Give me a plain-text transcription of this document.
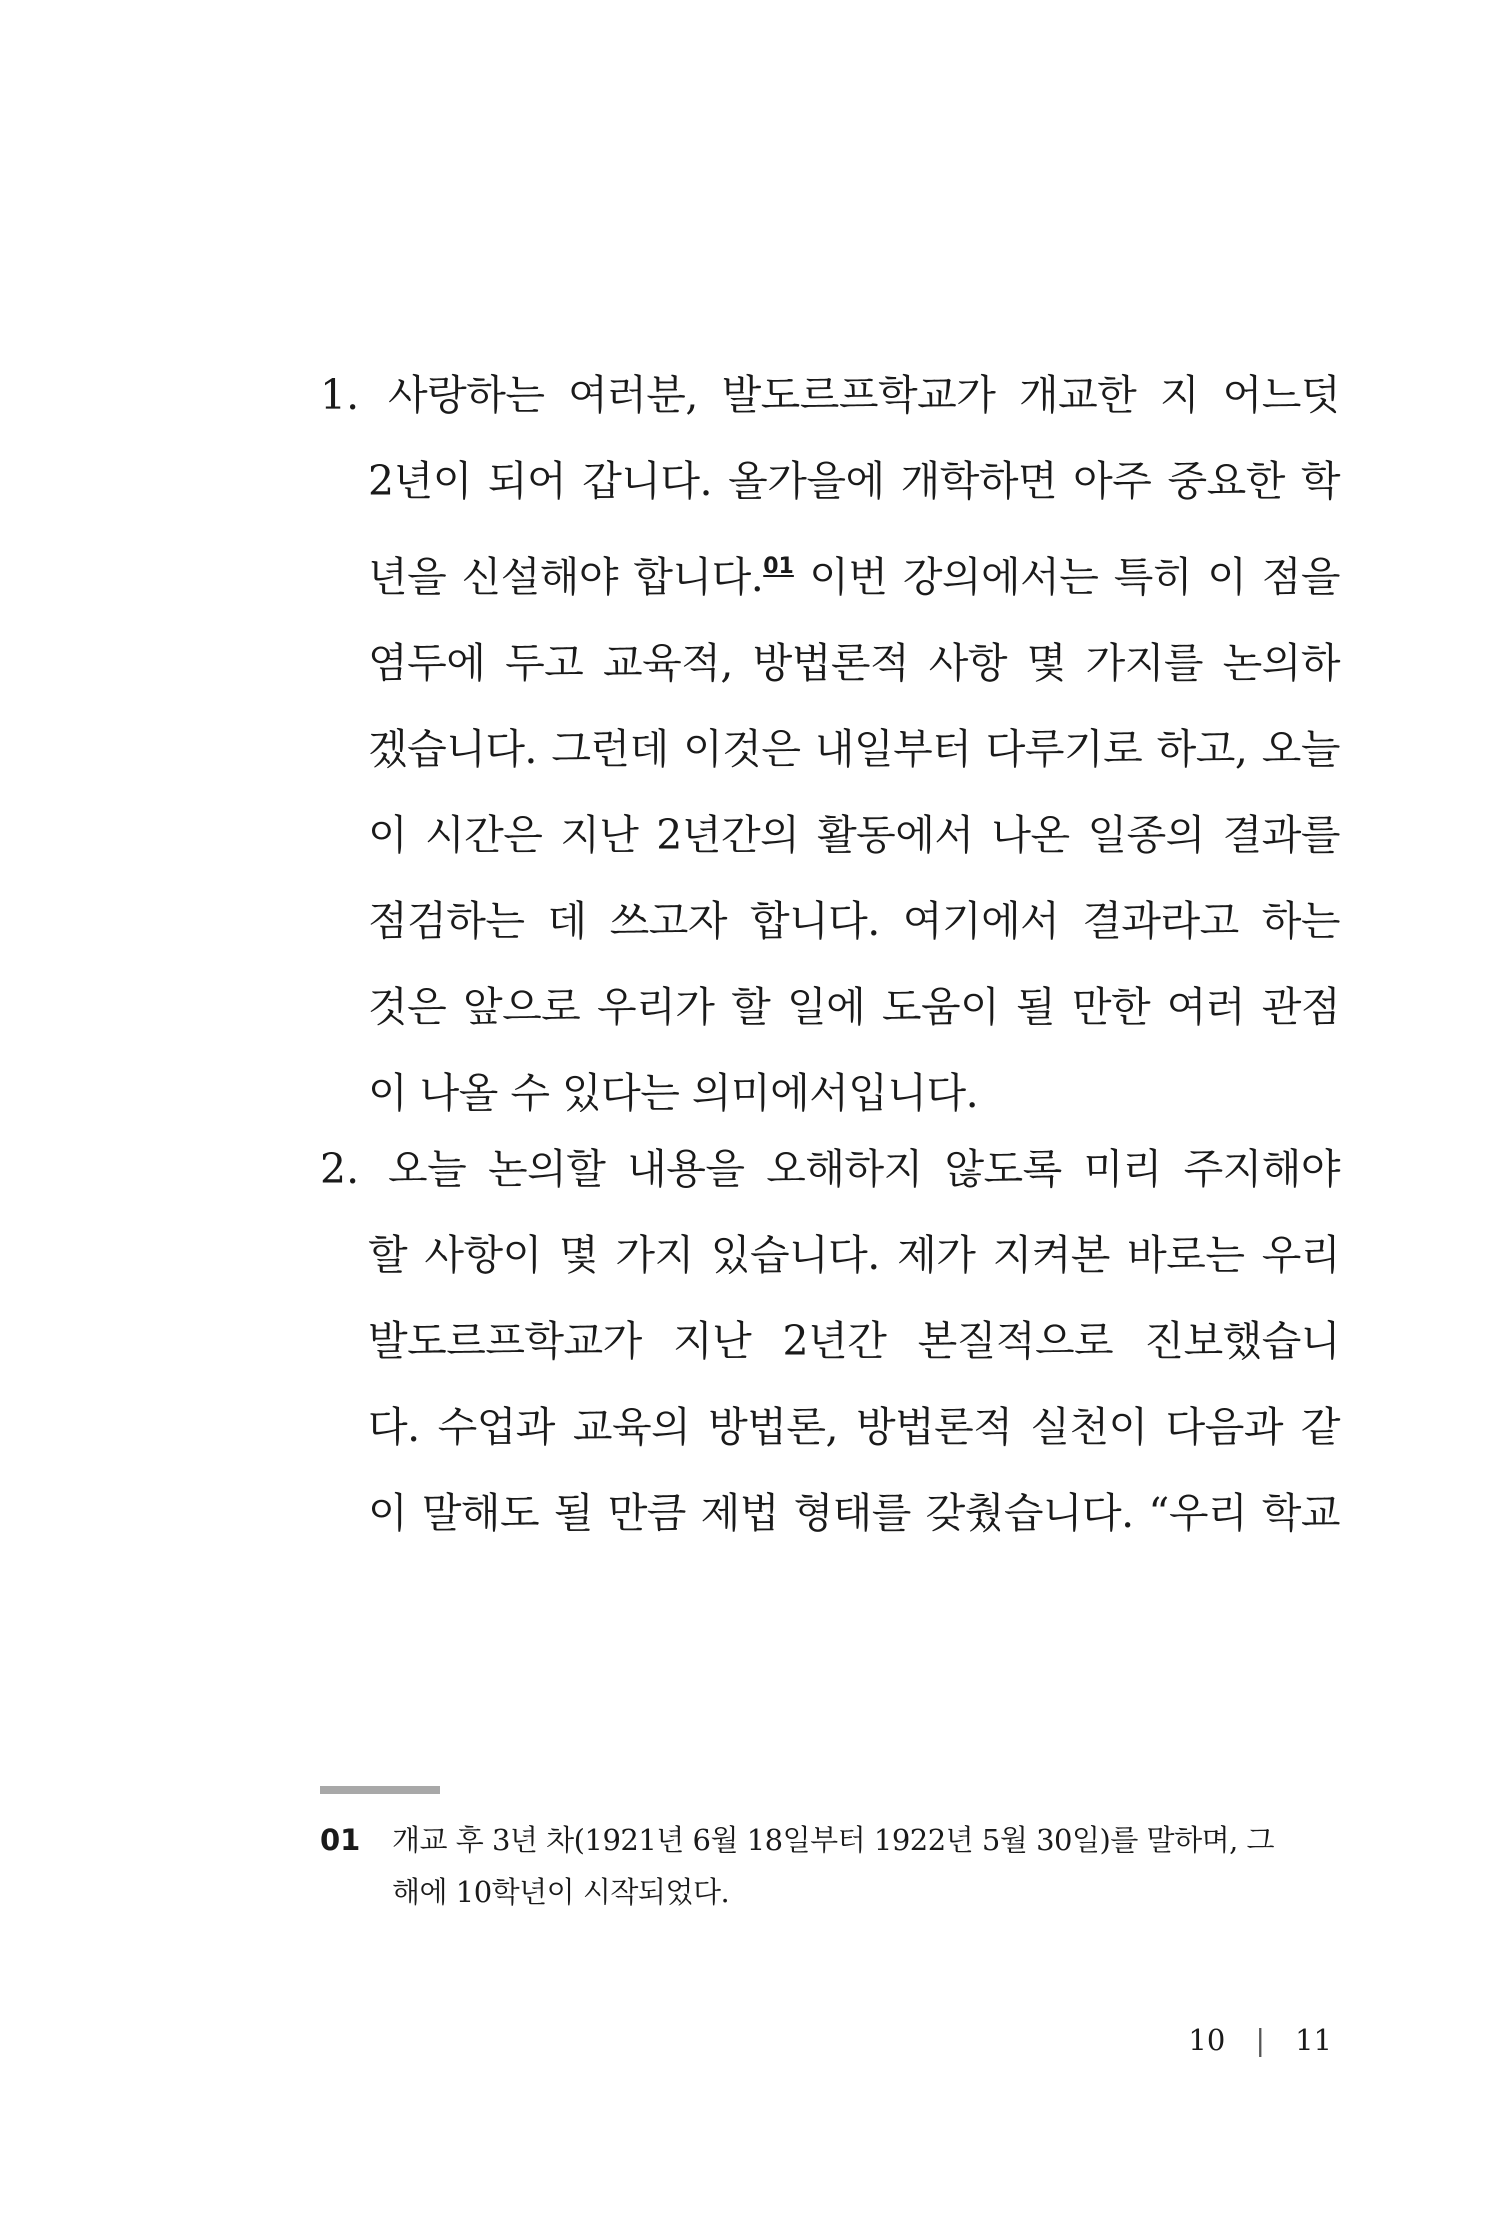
1. 사랑하는 여러분, 발도르프학교가 개교한 지 어느덧
2년이 되어 갑니다. 올가을에 개학하면 아주 중요한 학
년을 신설해야 합니다.$^{01}$ 이번 강의에서는 특히 이 점을
염두에 두고 교육적, 방법론적 사항 몇 가지를 논의하
겠습니다. 그런데 이것은 내일부터 다루기로 하고, 오늘
이 시간은 지난 2년간의 활동에서 나온 일종의 결과를
점검하는 데 쓰고자 합니다. 여기에서 결과라고 하는
것은 앞으로 우리가 할 일에 도움이 될 만한 여러 관점
이 나올 수 있다는 의미에서입니다.
2. 오늘 논의할 내용을 오해하지 않도록 미리 주지해야
할 사항이 몇 가지 있습니다. 제가 지켜본 바로는 우리
발도르프학교가 지난 2년간 본질적으로 진보했습니
다. 수업과 교육의 방법론, 방법론적 실천이 다음과 같
이 말해도 될 만큼 제법 형태를 갖췄습니다. “우리 학교
01 개교 후 3년 차(1921년 6월 18일부터 1922년 5월 30일)를 말하며, 그
해에 10학년이 시작되었다.
10 | 11
